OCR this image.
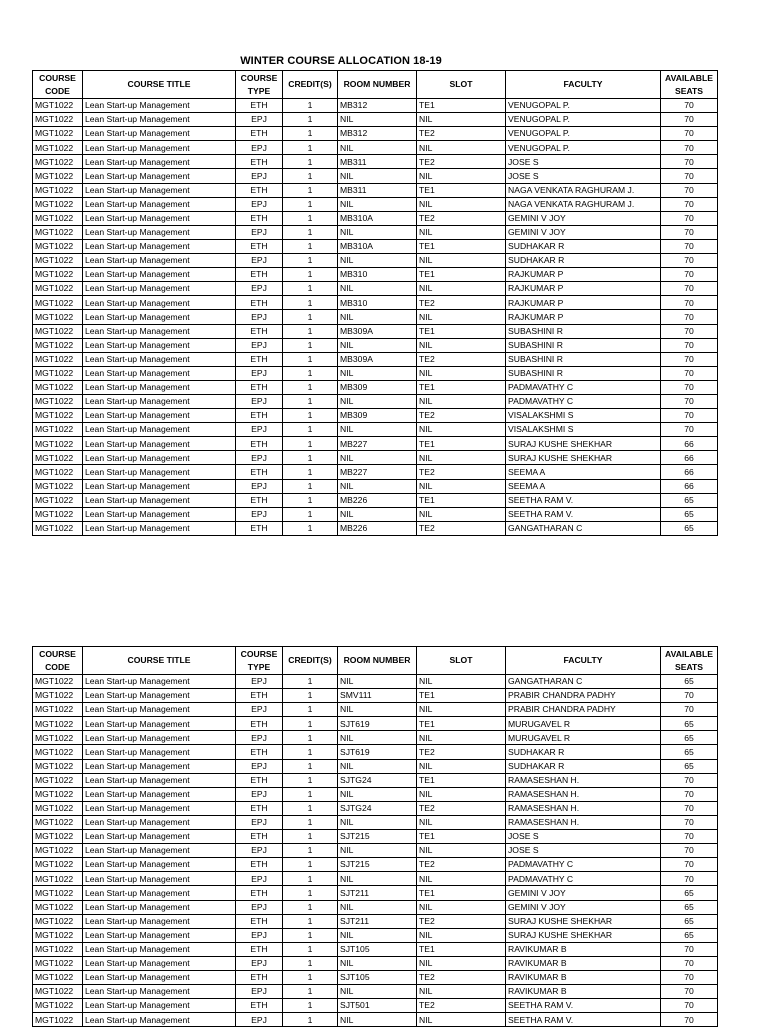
WINTER COURSE ALLOCATION 18-19
COURSE CODE	COURSE TITLE	COURSE TYPE	CREDIT(S)	ROOM NUMBER	SLOT	FACULTY	AVAILABLE SEATS
MGT1022	Lean Start-up Management	ETH	1	MB312	TE1	VENUGOPAL P.	70
MGT1022	Lean Start-up Management	EPJ	1	NIL	NIL	VENUGOPAL P.	70
MGT1022	Lean Start-up Management	ETH	1	MB312	TE2	VENUGOPAL P.	70
MGT1022	Lean Start-up Management	EPJ	1	NIL	NIL	VENUGOPAL P.	70
MGT1022	Lean Start-up Management	ETH	1	MB311	TE2	JOSE S	70
MGT1022	Lean Start-up Management	EPJ	1	NIL	NIL	JOSE S	70
MGT1022	Lean Start-up Management	ETH	1	MB311	TE1	NAGA VENKATA RAGHURAM J.	70
MGT1022	Lean Start-up Management	EPJ	1	NIL	NIL	NAGA VENKATA RAGHURAM J.	70
MGT1022	Lean Start-up Management	ETH	1	MB310A	TE2	GEMINI V JOY	70
MGT1022	Lean Start-up Management	EPJ	1	NIL	NIL	GEMINI V JOY	70
MGT1022	Lean Start-up Management	ETH	1	MB310A	TE1	SUDHAKAR R	70
MGT1022	Lean Start-up Management	EPJ	1	NIL	NIL	SUDHAKAR R	70
MGT1022	Lean Start-up Management	ETH	1	MB310	TE1	RAJKUMAR P	70
MGT1022	Lean Start-up Management	EPJ	1	NIL	NIL	RAJKUMAR P	70
MGT1022	Lean Start-up Management	ETH	1	MB310	TE2	RAJKUMAR P	70
MGT1022	Lean Start-up Management	EPJ	1	NIL	NIL	RAJKUMAR P	70
MGT1022	Lean Start-up Management	ETH	1	MB309A	TE1	SUBASHINI R	70
MGT1022	Lean Start-up Management	EPJ	1	NIL	NIL	SUBASHINI R	70
MGT1022	Lean Start-up Management	ETH	1	MB309A	TE2	SUBASHINI R	70
MGT1022	Lean Start-up Management	EPJ	1	NIL	NIL	SUBASHINI R	70
MGT1022	Lean Start-up Management	ETH	1	MB309	TE1	PADMAVATHY C	70
MGT1022	Lean Start-up Management	EPJ	1	NIL	NIL	PADMAVATHY C	70
MGT1022	Lean Start-up Management	ETH	1	MB309	TE2	VISALAKSHMI S	70
MGT1022	Lean Start-up Management	EPJ	1	NIL	NIL	VISALAKSHMI S	70
MGT1022	Lean Start-up Management	ETH	1	MB227	TE1	SURAJ KUSHE SHEKHAR	66
MGT1022	Lean Start-up Management	EPJ	1	NIL	NIL	SURAJ KUSHE SHEKHAR	66
MGT1022	Lean Start-up Management	ETH	1	MB227	TE2	SEEMA A	66
MGT1022	Lean Start-up Management	EPJ	1	NIL	NIL	SEEMA A	66
MGT1022	Lean Start-up Management	ETH	1	MB226	TE1	SEETHA RAM V.	65
MGT1022	Lean Start-up Management	EPJ	1	NIL	NIL	SEETHA RAM V.	65
MGT1022	Lean Start-up Management	ETH	1	MB226	TE2	GANGATHARAN C	65
COURSE CODE	COURSE TITLE	COURSE TYPE	CREDIT(S)	ROOM NUMBER	SLOT	FACULTY	AVAILABLE SEATS
MGT1022	Lean Start-up Management	EPJ	1	NIL	NIL	GANGATHARAN C	65
MGT1022	Lean Start-up Management	ETH	1	SMV111	TE1	PRABIR CHANDRA PADHY	70
MGT1022	Lean Start-up Management	EPJ	1	NIL	NIL	PRABIR CHANDRA PADHY	70
MGT1022	Lean Start-up Management	ETH	1	SJT619	TE1	MURUGAVEL R	65
MGT1022	Lean Start-up Management	EPJ	1	NIL	NIL	MURUGAVEL R	65
MGT1022	Lean Start-up Management	ETH	1	SJT619	TE2	SUDHAKAR R	65
MGT1022	Lean Start-up Management	EPJ	1	NIL	NIL	SUDHAKAR R	65
MGT1022	Lean Start-up Management	ETH	1	SJTG24	TE1	RAMASESHAN H.	70
MGT1022	Lean Start-up Management	EPJ	1	NIL	NIL	RAMASESHAN H.	70
MGT1022	Lean Start-up Management	ETH	1	SJTG24	TE2	RAMASESHAN H.	70
MGT1022	Lean Start-up Management	EPJ	1	NIL	NIL	RAMASESHAN H.	70
MGT1022	Lean Start-up Management	ETH	1	SJT215	TE1	JOSE S	70
MGT1022	Lean Start-up Management	EPJ	1	NIL	NIL	JOSE S	70
MGT1022	Lean Start-up Management	ETH	1	SJT215	TE2	PADMAVATHY C	70
MGT1022	Lean Start-up Management	EPJ	1	NIL	NIL	PADMAVATHY C	70
MGT1022	Lean Start-up Management	ETH	1	SJT211	TE1	GEMINI V JOY	65
MGT1022	Lean Start-up Management	EPJ	1	NIL	NIL	GEMINI V JOY	65
MGT1022	Lean Start-up Management	ETH	1	SJT211	TE2	SURAJ KUSHE SHEKHAR	65
MGT1022	Lean Start-up Management	EPJ	1	NIL	NIL	SURAJ KUSHE SHEKHAR	65
MGT1022	Lean Start-up Management	ETH	1	SJT105	TE1	RAVIKUMAR B	70
MGT1022	Lean Start-up Management	EPJ	1	NIL	NIL	RAVIKUMAR B	70
MGT1022	Lean Start-up Management	ETH	1	SJT105	TE2	RAVIKUMAR B	70
MGT1022	Lean Start-up Management	EPJ	1	NIL	NIL	RAVIKUMAR B	70
MGT1022	Lean Start-up Management	ETH	1	SJT501	TE2	SEETHA RAM V.	70
MGT1022	Lean Start-up Management	EPJ	1	NIL	NIL	SEETHA RAM V.	70
